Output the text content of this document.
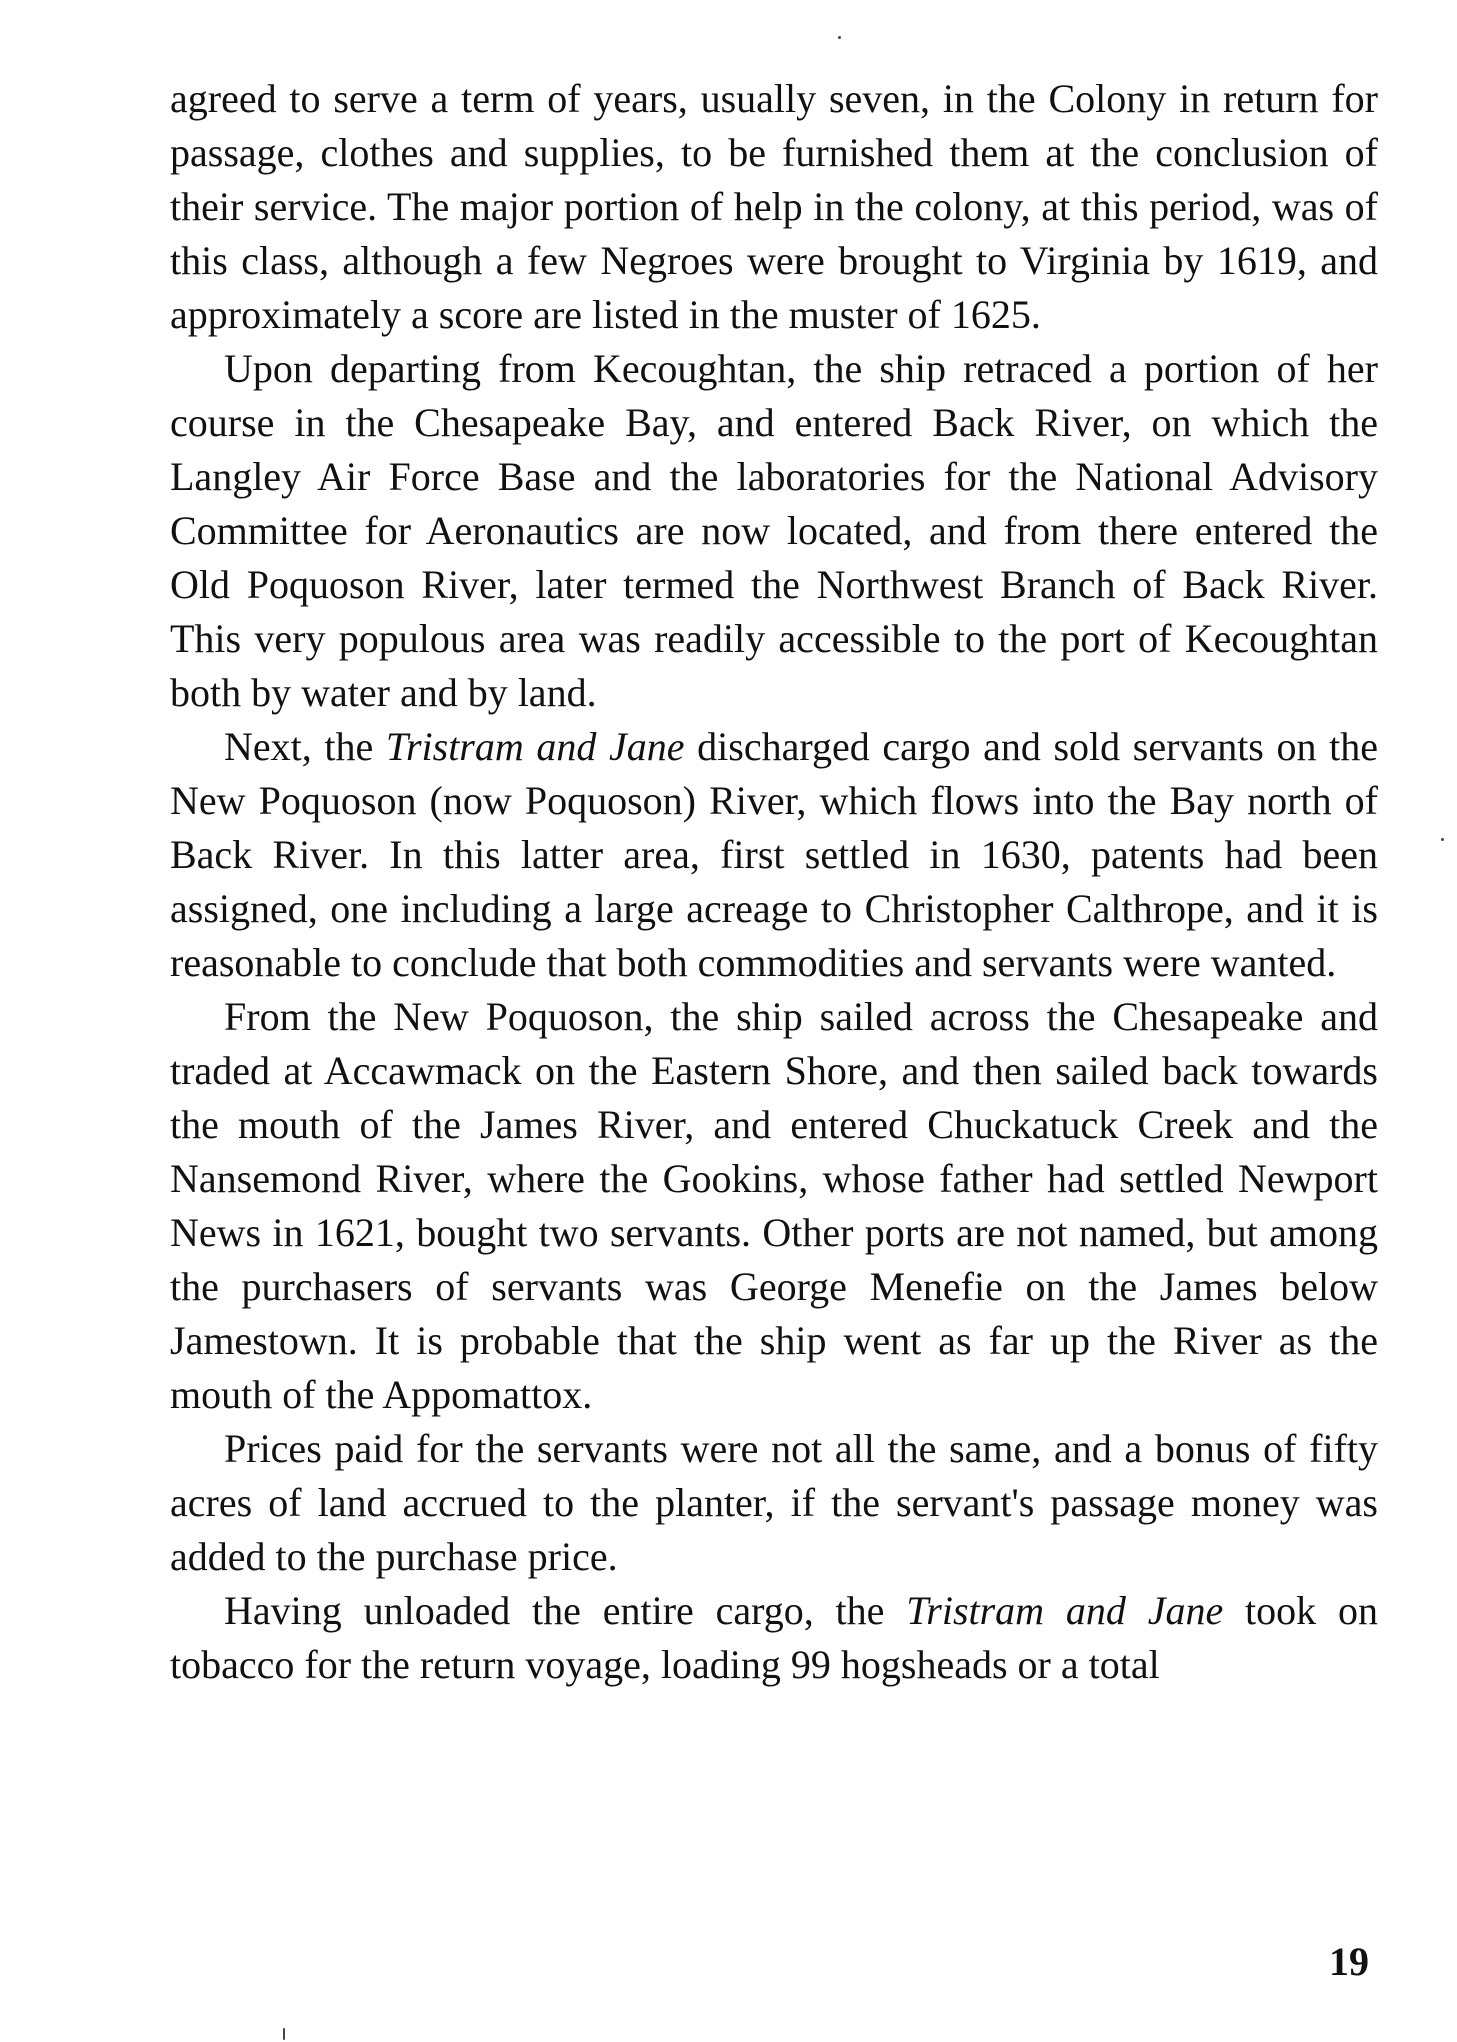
agreed to serve a term of years, usually seven, in the Colony in return for passage, clothes and supplies, to be furnished them at the conclusion of their service. The major portion of help in the colony, at this period, was of this class, although a few Negroes were brought to Virginia by 1619, and approximately a score are listed in the muster of 1625.

Upon departing from Kecoughtan, the ship retraced a portion of her course in the Chesapeake Bay, and entered Back River, on which the Langley Air Force Base and the laboratories for the National Advisory Committee for Aeronautics are now located, and from there entered the Old Poquoson River, later termed the Northwest Branch of Back River. This very populous area was readily accessible to the port of Kecoughtan both by water and by land.

Next, the Tristram and Jane discharged cargo and sold servants on the New Poquoson (now Poquoson) River, which flows into the Bay north of Back River. In this latter area, first settled in 1630, patents had been assigned, one including a large acreage to Christopher Calthrope, and it is reasonable to conclude that both commodities and servants were wanted.

From the New Poquoson, the ship sailed across the Chesapeake and traded at Accawmack on the Eastern Shore, and then sailed back towards the mouth of the James River, and entered Chuckatuck Creek and the Nansemond River, where the Gookins, whose father had settled Newport News in 1621, bought two servants. Other ports are not named, but among the purchasers of servants was George Menefie on the James below Jamestown. It is probable that the ship went as far up the River as the mouth of the Appomattox.

Prices paid for the servants were not all the same, and a bonus of fifty acres of land accrued to the planter, if the servant's passage money was added to the purchase price.

Having unloaded the entire cargo, the Tristram and Jane took on tobacco for the return voyage, loading 99 hogsheads or a total

19
